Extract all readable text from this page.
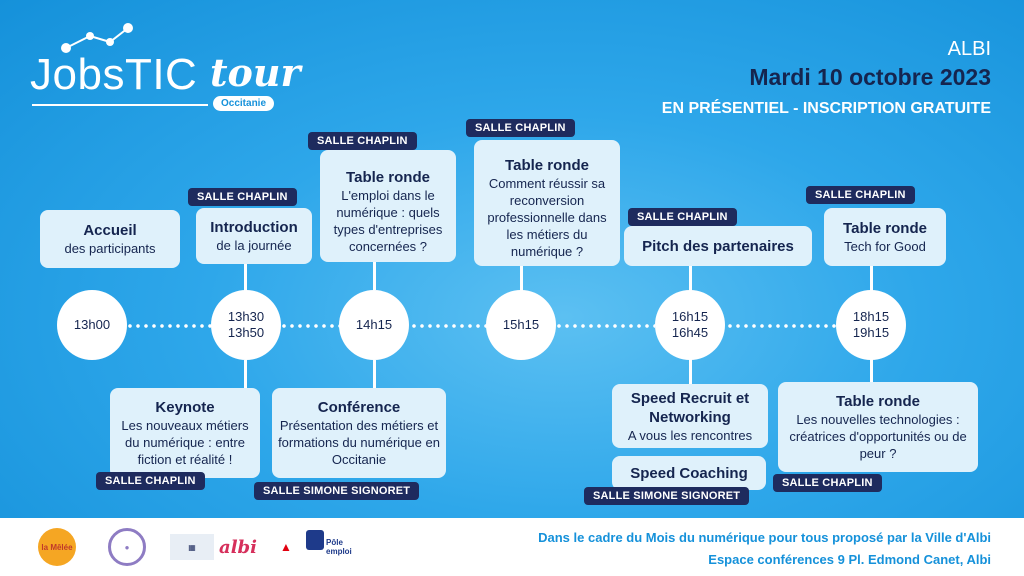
JobsTIC tour
Occitanie
ALBI
Mardi 10 octobre 2023
EN PRÉSENTIEL - INSCRIPTION GRATUITE
13h00
13h30
13h50
14h15	15h15
16h15
16h45
18h15
19h15
Accueil
des participants
Introduction
de la journée
SALLE CHAPLIN
Table ronde
L'emploi dans le numérique : quels types d'entreprises concernées ?
SALLE CHAPLIN
Table ronde
Comment réussir sa reconversion professionnelle dans les métiers du numérique ?
SALLE CHAPLIN
Pitch des partenaires
SALLE CHAPLIN
Table ronde
Tech for Good
SALLE CHAPLIN
Keynote
Les nouveaux métiers du numérique : entre fiction et réalité !
SALLE CHAPLIN
Conférence
Présentation des métiers et formations du numérique en Occitanie
SALLE SIMONE SIGNORET
Speed Recruit et Networking
A vous les rencontres
Speed Coaching
SALLE SIMONE SIGNORET
Table ronde
Les nouvelles technologies : créatrices d'opportunités ou de peur ?
SALLE CHAPLIN
la Mêlée	●	▦ albi ▲	Pôle emploi
Dans le cadre du Mois du numérique pour tous proposé par la Ville d'Albi
Espace conférences 9 Pl. Edmond Canet, Albi
